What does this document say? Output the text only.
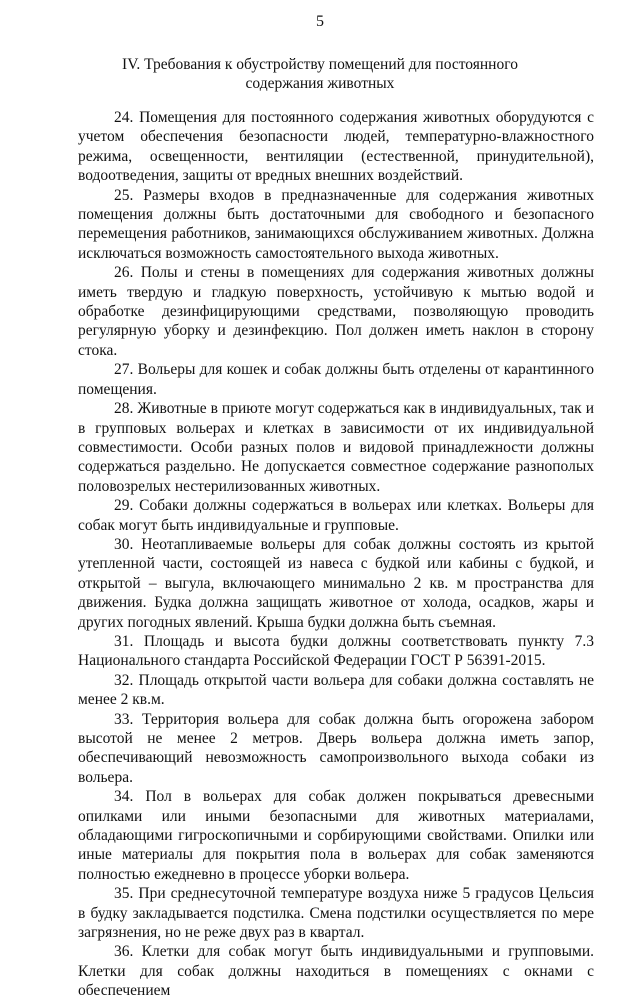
5
IV. Требования к обустройству помещений для постоянного содержания животных

24. Помещения для постоянного содержания животных оборудуются с учетом обеспечения безопасности людей, температурно-влажностного режима, освещенности, вентиляции (естественной, принудительной), водоотведения, защиты от вредных внешних воздействий.

25. Размеры входов в предназначенные для содержания животных помещения должны быть достаточными для свободного и безопасного перемещения работников, занимающихся обслуживанием животных. Должна исключаться возможность самостоятельного выхода животных.

26. Полы и стены в помещениях для содержания животных должны иметь твердую и гладкую поверхность, устойчивую к мытью водой и обработке дезинфицирующими средствами, позволяющую проводить регулярную уборку и дезинфекцию. Пол должен иметь наклон в сторону стока.

27. Вольеры для кошек и собак должны быть отделены от карантинного помещения.

28. Животные в приюте могут содержаться как в индивидуальных, так и в групповых вольерах и клетках в зависимости от их индивидуальной совместимости. Особи разных полов и видовой принадлежности должны содержаться раздельно. Не допускается совместное содержание разнополых половозрелых нестерилизованных животных.

29. Собаки должны содержаться в вольерах или клетках. Вольеры для собак могут быть индивидуальные и групповые.

30. Неотапливаемые вольеры для собак должны состоять из крытой утепленной части, состоящей из навеса с будкой или кабины с будкой, и открытой – выгула, включающего минимально 2 кв. м пространства для движения. Будка должна защищать животное от холода, осадков, жары и других погодных явлений. Крыша будки должна быть съемная.

31. Площадь и высота будки должны соответствовать пункту 7.3 Национального стандарта Российской Федерации ГОСТ Р 56391-2015.

32. Площадь открытой части вольера для собаки должна составлять не менее 2 кв.м.

33. Территория вольера для собак должна быть огорожена забором высотой не менее 2 метров. Дверь вольера должна иметь запор, обеспечивающий невозможность самопроизвольного выхода собаки из вольера.

34. Пол в вольерах для собак должен покрываться древесными опилками или иными безопасными для животных материалами, обладающими гигроскопичными и сорбирующими свойствами. Опилки или иные материалы для покрытия пола в вольерах для собак заменяются полностью ежедневно в процессе уборки вольера.

35. При среднесуточной температуре воздуха ниже 5 градусов Цельсия в будку закладывается подстилка. Смена подстилки осуществляется по мере загрязнения, но не реже двух раз в квартал.

36. Клетки для собак могут быть индивидуальными и групповыми. Клетки для собак должны находиться в помещениях с окнами с обеспечением
